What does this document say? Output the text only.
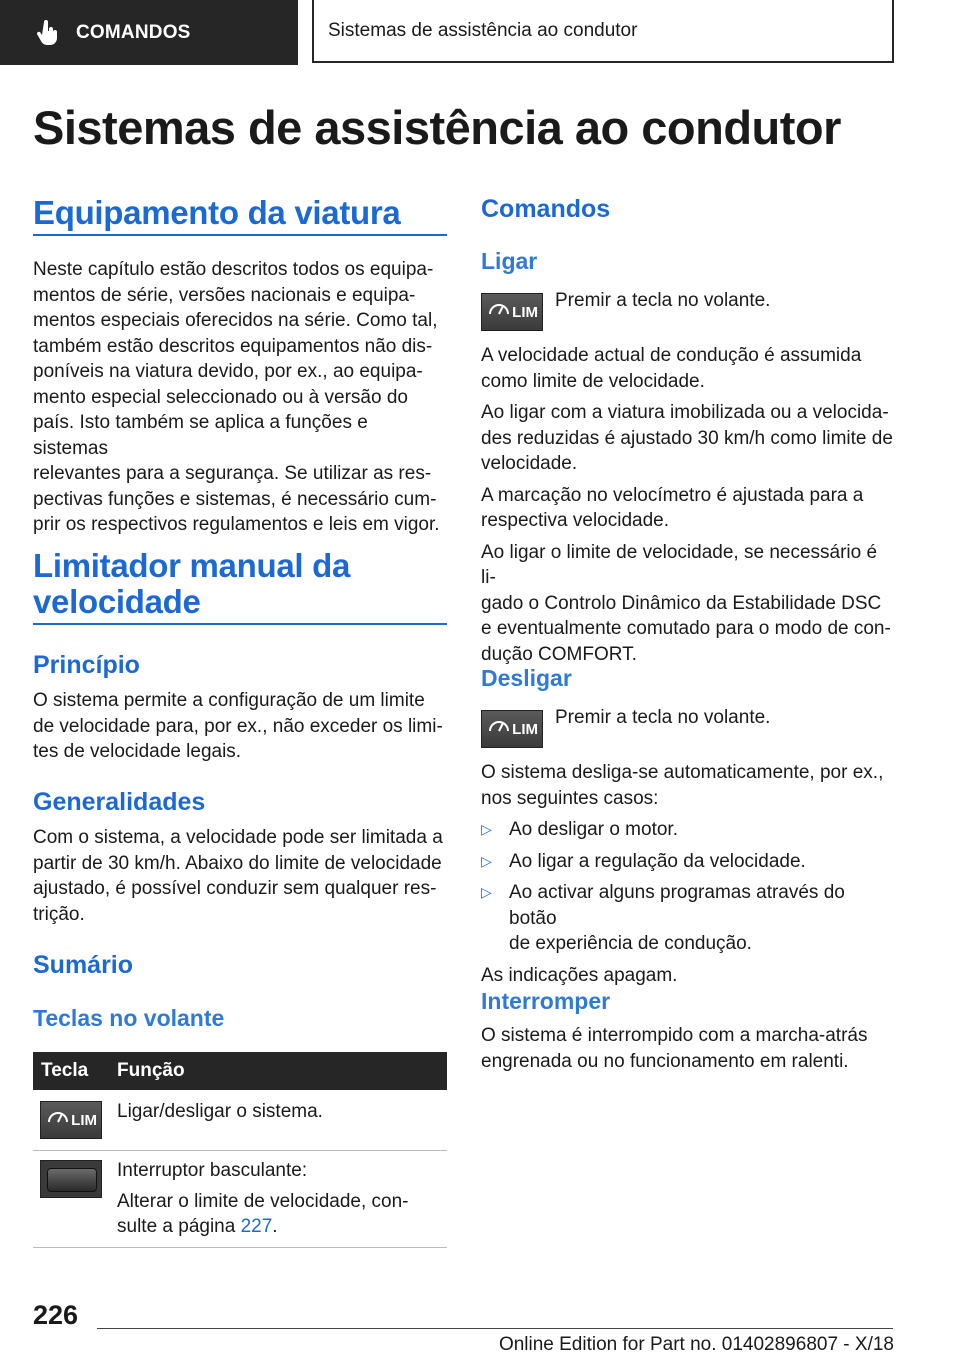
COMANDOS	Sistemas de assistência ao condutor
Sistemas de assistência ao condutor
Equipamento da viatura
Neste capítulo estão descritos todos os equipa-
mentos de série, versões nacionais e equipa-
mentos especiais oferecidos na série. Como tal,
também estão descritos equipamentos não dis-
poníveis na viatura devido, por ex., ao equipa-
mento especial seleccionado ou à versão do
país. Isto também se aplica a funções e sistemas
relevantes para a segurança. Se utilizar as res-
pectivas funções e sistemas, é necessário cum-
prir os respectivos regulamentos e leis em vigor.
Limitador manual da
velocidade
Princípio
O sistema permite a configuração de um limite
de velocidade para, por ex., não exceder os limi-
tes de velocidade legais.
Generalidades
Com o sistema, a velocidade pode ser limitada a
partir de 30 km/h. Abaixo do limite de velocidade
ajustado, é possível conduzir sem qualquer res-
trição.
Sumário
Teclas no volante
Tecla	Função
LIM Ligar/desligar o sistema.
Interruptor basculante:
Alterar o limite de velocidade, con-
sulte a página 227.
Comandos
Ligar
LIM
Premir a tecla no volante.
A velocidade actual de condução é assumida
como limite de velocidade.
Ao ligar com a viatura imobilizada ou a velocida-
des reduzidas é ajustado 30 km/h como limite de
velocidade.
A marcação no velocímetro é ajustada para a
respectiva velocidade.
Ao ligar o limite de velocidade, se necessário é li-
gado o Controlo Dinâmico da Estabilidade DSC
e eventualmente comutado para o modo de con-
dução COMFORT.
Desligar
LIM
Premir a tecla no volante.
O sistema desliga-se automaticamente, por ex.,
nos seguintes casos:
▷ Ao desligar o motor.
▷ Ao ligar a regulação da velocidade.
▷ Ao activar alguns programas através do botão
de experiência de condução.
As indicações apagam.
Interromper
O sistema é interrompido com a marcha-atrás
engrenada ou no funcionamento em ralenti.

226

Online Edition for Part no. 01402896807 - X/18
